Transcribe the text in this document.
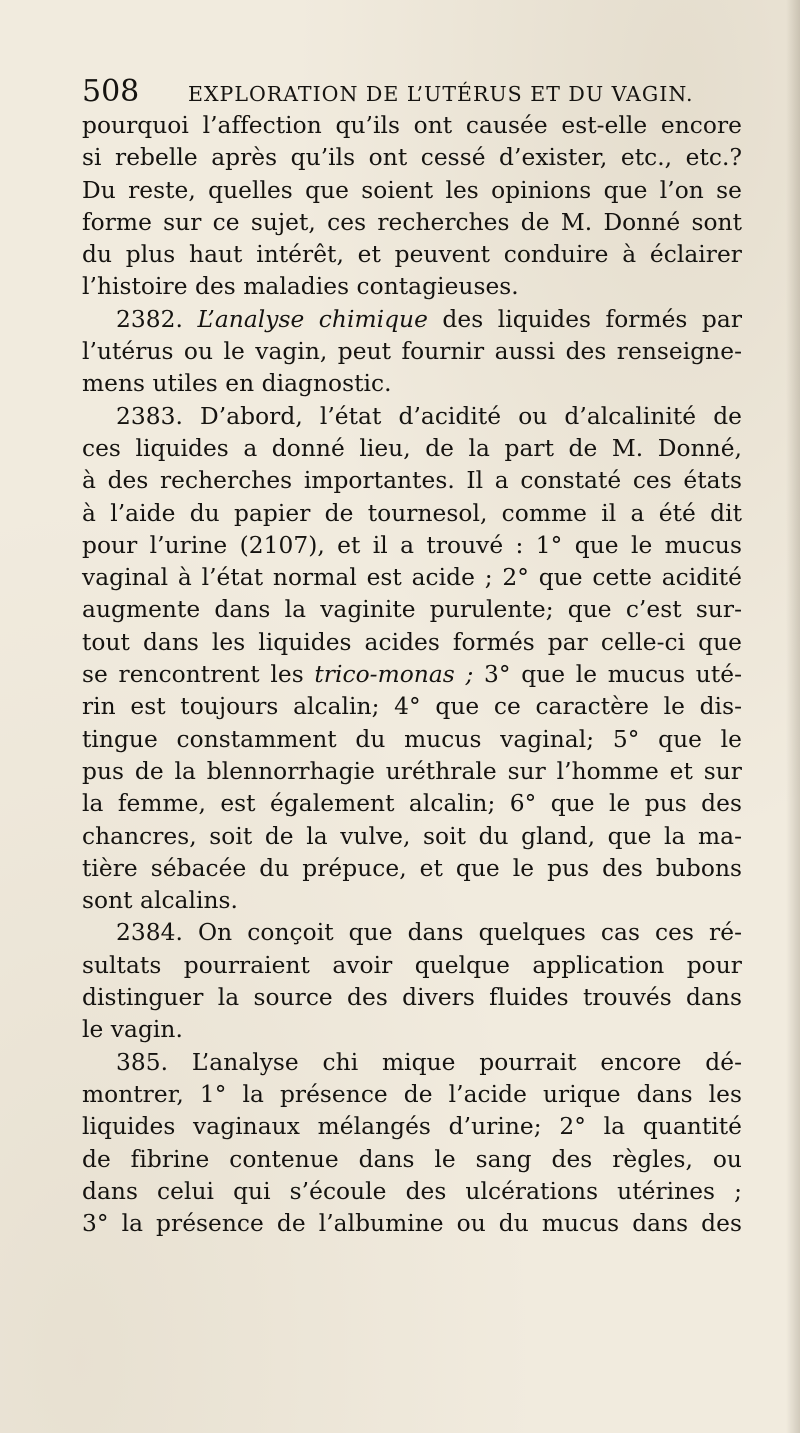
508 EXPLORATION DE L’UTÉRUS ET DU VAGIN.
pourquoi l’affection qu’ils ont causée est-elle encore
si rebelle après qu’ils ont cessé d’exister, etc., etc.?
Du reste, quelles que soient les opinions que l’on se
forme sur ce sujet, ces recherches de M. Donné sont
du plus haut intérêt, et peuvent conduire à éclairer
l’histoire des maladies contagieuses.
2382. L’analyse chimique des liquides formés par
l’utérus ou le vagin, peut fournir aussi des renseigne-
mens utiles en diagnostic.
2383. D’abord, l’état d’acidité ou d’alcalinité de
ces liquides a donné lieu, de la part de M. Donné,
à des recherches importantes. Il a constaté ces états
à l’aide du papier de tournesol, comme il a été dit
pour l’urine (2107), et il a trouvé : 1° que le mucus
vaginal à l’état normal est acide ; 2° que cette acidité
augmente dans la vaginite purulente; que c’est sur-
tout dans les liquides acides formés par celle-ci que
se rencontrent les trico-monas ; 3° que le mucus uté-
rin est toujours alcalin; 4° que ce caractère le dis-
tingue constamment du mucus vaginal; 5° que le
pus de la blennorrhagie uréthrale sur l’homme et sur
la femme, est également alcalin; 6° que le pus des
chancres, soit de la vulve, soit du gland, que la ma-
tière sébacée du prépuce, et que le pus des bubons
sont alcalins.
2384. On conçoit que dans quelques cas ces ré-
sultats pourraient avoir quelque application pour
distinguer la source des divers fluides trouvés dans
le vagin.
385. L’analyse chi mique pourrait encore dé-
montrer, 1° la présence de l’acide urique dans les
liquides vaginaux mélangés d’urine; 2° la quantité
de fibrine contenue dans le sang des règles, ou
dans celui qui s’écoule des ulcérations utérines ;
3° la présence de l’albumine ou du mucus dans des
